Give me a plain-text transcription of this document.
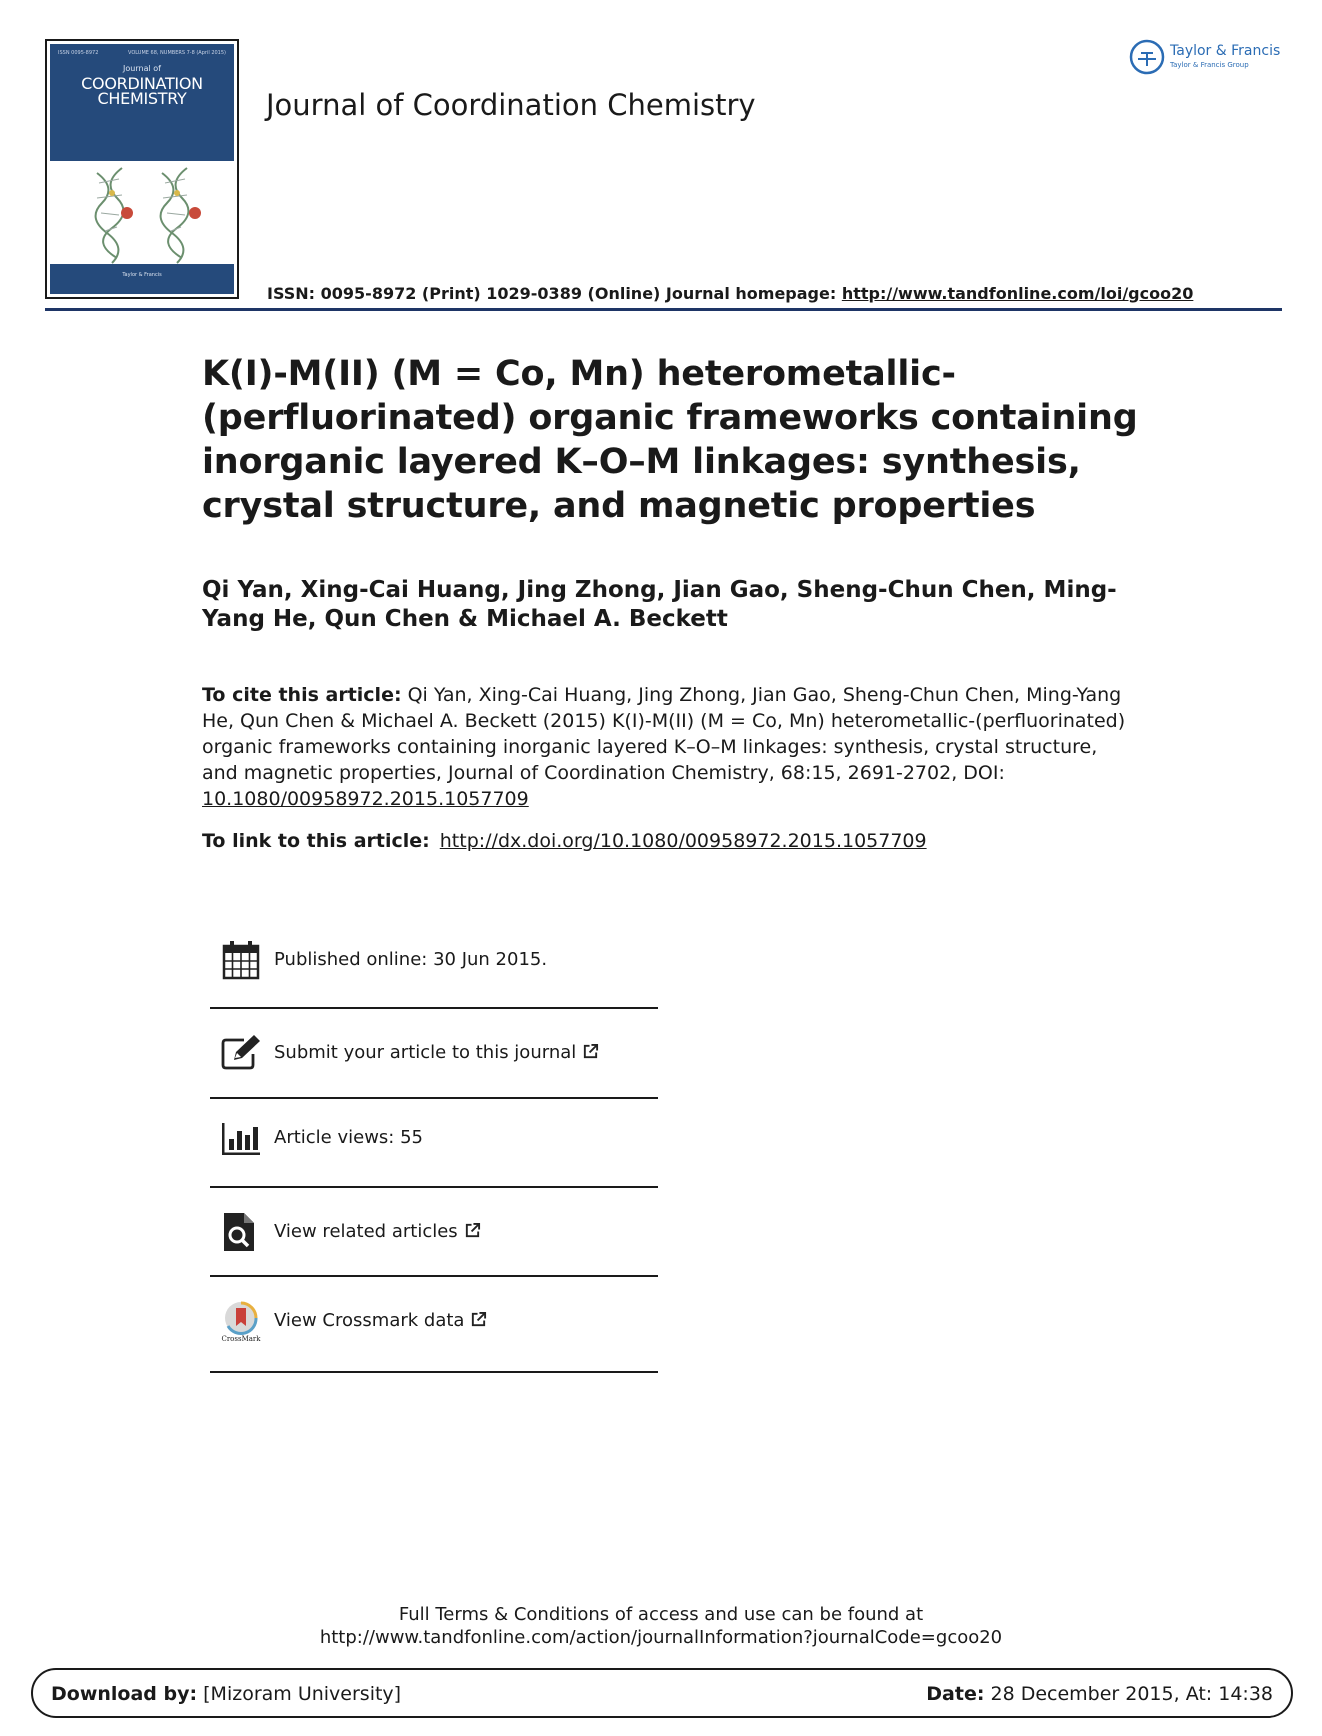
ISSN 0095-8972	VOLUME 68, NUMBERS 7-8 (April 2015)
Journal of
COORDINATION
CHEMISTRY
Taylor & Francis
Journal of Coordination Chemistry
Taylor & Francis
Taylor & Francis Group
ISSN: 0095-8972 (Print) 1029-0389 (Online) Journal homepage: http://www.tandfonline.com/loi/gcoo20
K(I)-M(II) (M = Co, Mn) heterometallic-(perfluorinated) organic frameworks containing inorganic layered K–O–M linkages: synthesis, crystal structure, and magnetic properties
Qi Yan, Xing-Cai Huang, Jing Zhong, Jian Gao, Sheng-Chun Chen, Ming-Yang He, Qun Chen & Michael A. Beckett
To cite this article: Qi Yan, Xing-Cai Huang, Jing Zhong, Jian Gao, Sheng-Chun Chen, Ming-Yang He, Qun Chen & Michael A. Beckett (2015) K(I)-M(II) (M = Co, Mn) heterometallic-(perfluorinated) organic frameworks containing inorganic layered K–O–M linkages: synthesis, crystal structure, and magnetic properties, Journal of Coordination Chemistry, 68:15, 2691-2702, DOI: 10.1080/00958972.2015.1057709
To link to this article: http://dx.doi.org/10.1080/00958972.2015.1057709
Published online: 30 Jun 2015.
Submit your article to this journal
Article views: 55
View related articles
CrossMark
View Crossmark data
Full Terms & Conditions of access and use can be found at
http://www.tandfonline.com/action/journalInformation?journalCode=gcoo20
Download by: [Mizoram University]	Date: 28 December 2015, At: 14:38
